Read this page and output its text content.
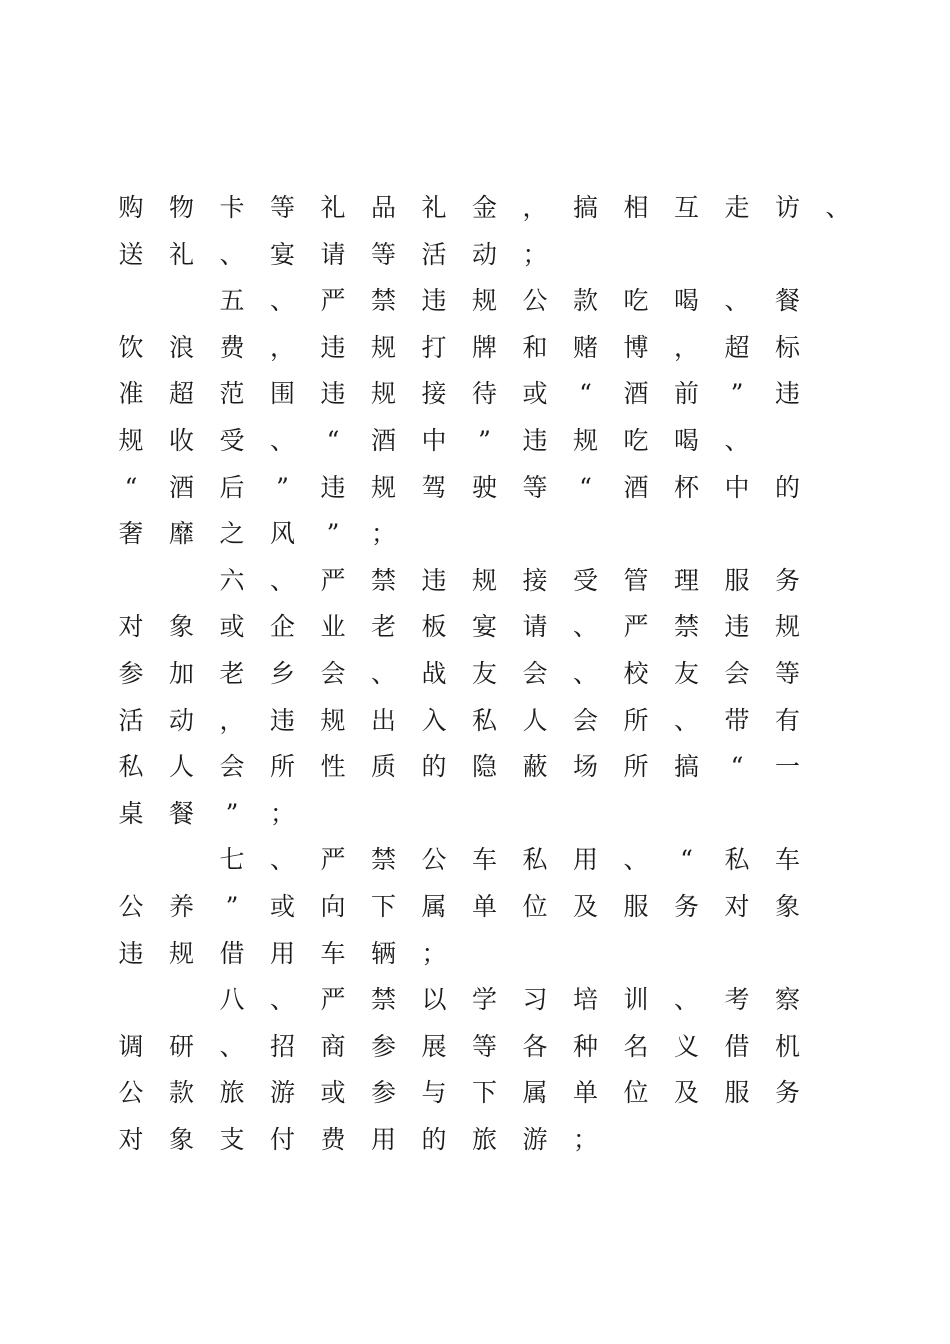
购	物	卡	等	礼	品	礼	金	，	搞	相	互	走	访	、
送	礼	、	宴	请	等	活	动	；
五	、	严	禁	违	规	公	款	吃	喝	、	餐
饮	浪	费	，	违	规	打	牌	和	赌	博	，	超	标
准	超	范	围	违	规	接	待	或	“	酒	前	”	违
规	收	受	、	“	酒	中	”	违	规	吃	喝	、
“	酒	后	”	违	规	驾	驶	等	“	酒	杯	中	的
奢	靡	之	风	”	；
六	、	严	禁	违	规	接	受	管	理	服	务
对	象	或	企	业	老	板	宴	请	、	严	禁	违	规
参	加	老	乡	会	、	战	友	会	、	校	友	会	等
活	动	，	违	规	出	入	私	人	会	所	、	带	有
私	人	会	所	性	质	的	隐	蔽	场	所	搞	“	一
桌	餐	”	；
七	、	严	禁	公	车	私	用	、	“	私	车
公	养	”	或	向	下	属	单	位	及	服	务	对	象
违	规	借	用	车	辆	；
八	、	严	禁	以	学	习	培	训	、	考	察
调	研	、	招	商	参	展	等	各	种	名	义	借	机
公	款	旅	游	或	参	与	下	属	单	位	及	服	务
对	象	支	付	费	用	的	旅	游	；
